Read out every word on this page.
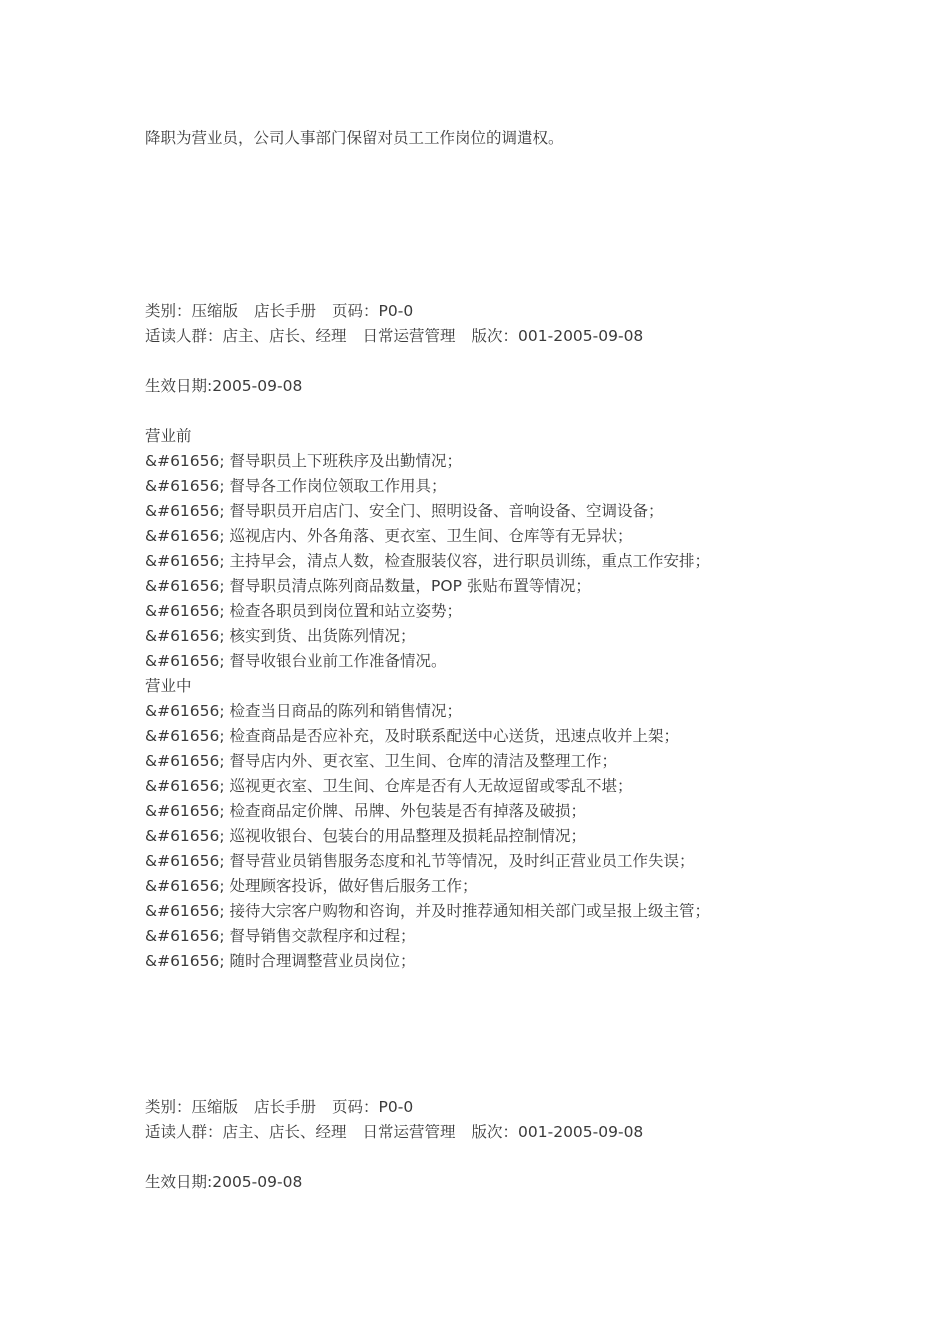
降职为营业员，公司人事部门保留对员工工作岗位的调遣权。
类别：压缩版 店长手册 页码：P0-0
适读人群：店主、店长、经理 日常运营管理 版次：001-2005-09-08
生效日期:2005-09-08
营业前
&#61656; 督导职员上下班秩序及出勤情况；
&#61656; 督导各工作岗位领取工作用具；
&#61656; 督导职员开启店门、安全门、照明设备、音响设备、空调设备；
&#61656; 巡视店内、外各角落、更衣室、卫生间、仓库等有无异状；
&#61656; 主持早会，清点人数，检查服装仪容，进行职员训练，重点工作安排；
&#61656; 督导职员清点陈列商品数量，POP 张贴布置等情况；
&#61656; 检查各职员到岗位置和站立姿势；
&#61656; 核实到货、出货陈列情况；
&#61656; 督导收银台业前工作准备情况。
营业中
&#61656; 检查当日商品的陈列和销售情况；
&#61656; 检查商品是否应补充，及时联系配送中心送货，迅速点收并上架；
&#61656; 督导店内外、更衣室、卫生间、仓库的清洁及整理工作；
&#61656; 巡视更衣室、卫生间、仓库是否有人无故逗留或零乱不堪；
&#61656; 检查商品定价牌、吊牌、外包装是否有掉落及破损；
&#61656; 巡视收银台、包装台的用品整理及损耗品控制情况；
&#61656; 督导营业员销售服务态度和礼节等情况，及时纠正营业员工作失误；
&#61656; 处理顾客投诉，做好售后服务工作；
&#61656; 接待大宗客户购物和咨询，并及时推荐通知相关部门或呈报上级主管；
&#61656; 督导销售交款程序和过程；
&#61656; 随时合理调整营业员岗位；
类别：压缩版 店长手册 页码：P0-0
适读人群：店主、店长、经理 日常运营管理 版次：001-2005-09-08
生效日期:2005-09-08
